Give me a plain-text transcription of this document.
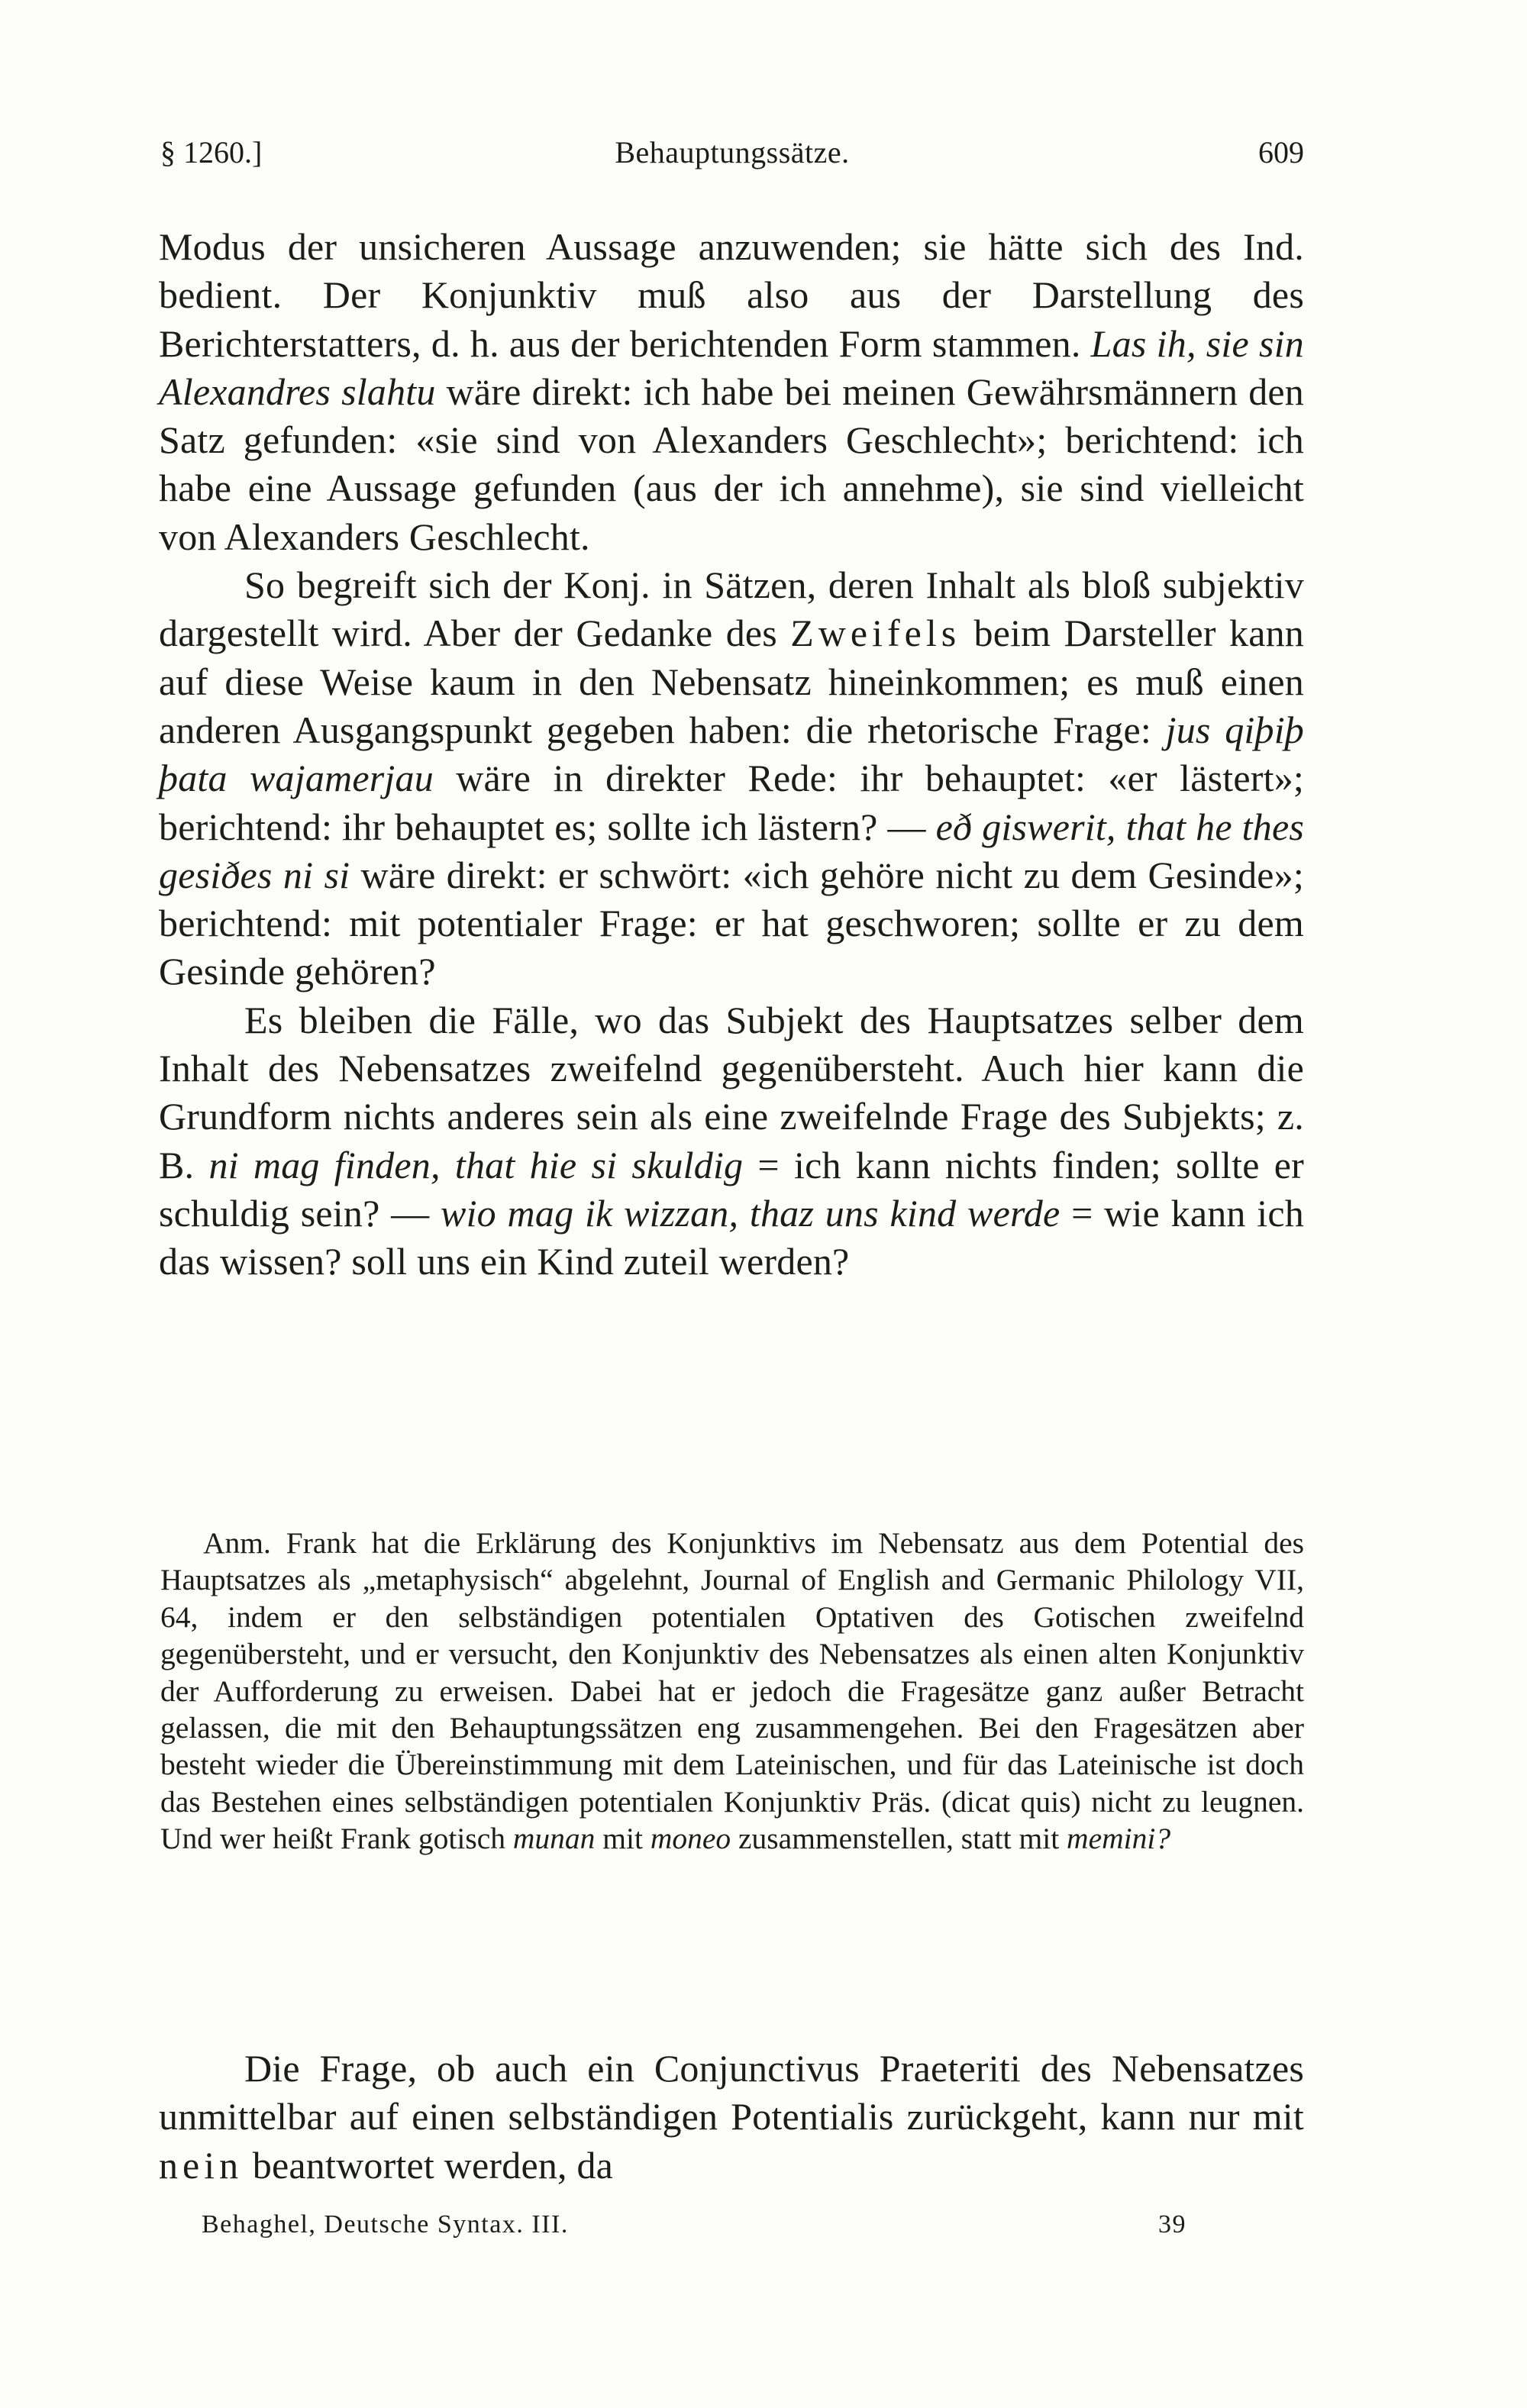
§ 1260.]	Behauptungssätze.	609

Modus der unsicheren Aussage anzuwenden; sie hätte sich des Ind. bedient. Der Konjunktiv muß also aus der Darstellung des Berichterstatters, d. h. aus der berichtenden Form stammen. Las ih, sie sin Alexandres slahtu wäre direkt: ich habe bei meinen Gewährsmännern den Satz gefunden: «sie sind von Alexanders Geschlecht»; berichtend: ich habe eine Aussage gefunden (aus der ich annehme), sie sind vielleicht von Alexanders Geschlecht.

So begreift sich der Konj. in Sätzen, deren Inhalt als bloß subjektiv dargestellt wird. Aber der Gedanke des Zweifels beim Darsteller kann auf diese Weise kaum in den Nebensatz hineinkommen; es muß einen anderen Ausgangspunkt gegeben haben: die rhetorische Frage: jus qiþiþ þata wajamerjau wäre in direkter Rede: ihr behauptet: «er lästert»; berichtend: ihr behauptet es; sollte ich lästern? — eð giswerit, that he thes gesiðes ni si wäre direkt: er schwört: «ich gehöre nicht zu dem Gesinde»; berichtend: mit potentialer Frage: er hat geschworen; sollte er zu dem Gesinde gehören?

Es bleiben die Fälle, wo das Subjekt des Hauptsatzes selber dem Inhalt des Nebensatzes zweifelnd gegenübersteht. Auch hier kann die Grundform nichts anderes sein als eine zweifelnde Frage des Subjekts; z. B. ni mag finden, that hie si skuldig = ich kann nichts finden; sollte er schuldig sein? — wio mag ik wizzan, thaz uns kind werde = wie kann ich das wissen? soll uns ein Kind zuteil werden?

Anm. Frank hat die Erklärung des Konjunktivs im Nebensatz aus dem Potential des Hauptsatzes als „metaphysisch“ abgelehnt, Journal of English and Germanic Philology VII, 64, indem er den selbständigen potentialen Optativen des Gotischen zweifelnd gegenübersteht, und er versucht, den Konjunktiv des Nebensatzes als einen alten Konjunktiv der Aufforderung zu erweisen. Dabei hat er jedoch die Fragesätze ganz außer Betracht gelassen, die mit den Behauptungssätzen eng zusammengehen. Bei den Fragesätzen aber besteht wieder die Übereinstimmung mit dem Lateinischen, und für das Lateinische ist doch das Bestehen eines selbständigen potentialen Konjunktiv Präs. (dicat quis) nicht zu leugnen. Und wer heißt Frank gotisch munan mit moneo zusammenstellen, statt mit memini?

Die Frage, ob auch ein Conjunctivus Praeteriti des Nebensatzes unmittelbar auf einen selbständigen Potentialis zurückgeht, kann nur mit nein beantwortet werden, da

Behaghel, Deutsche Syntax. III.	39
